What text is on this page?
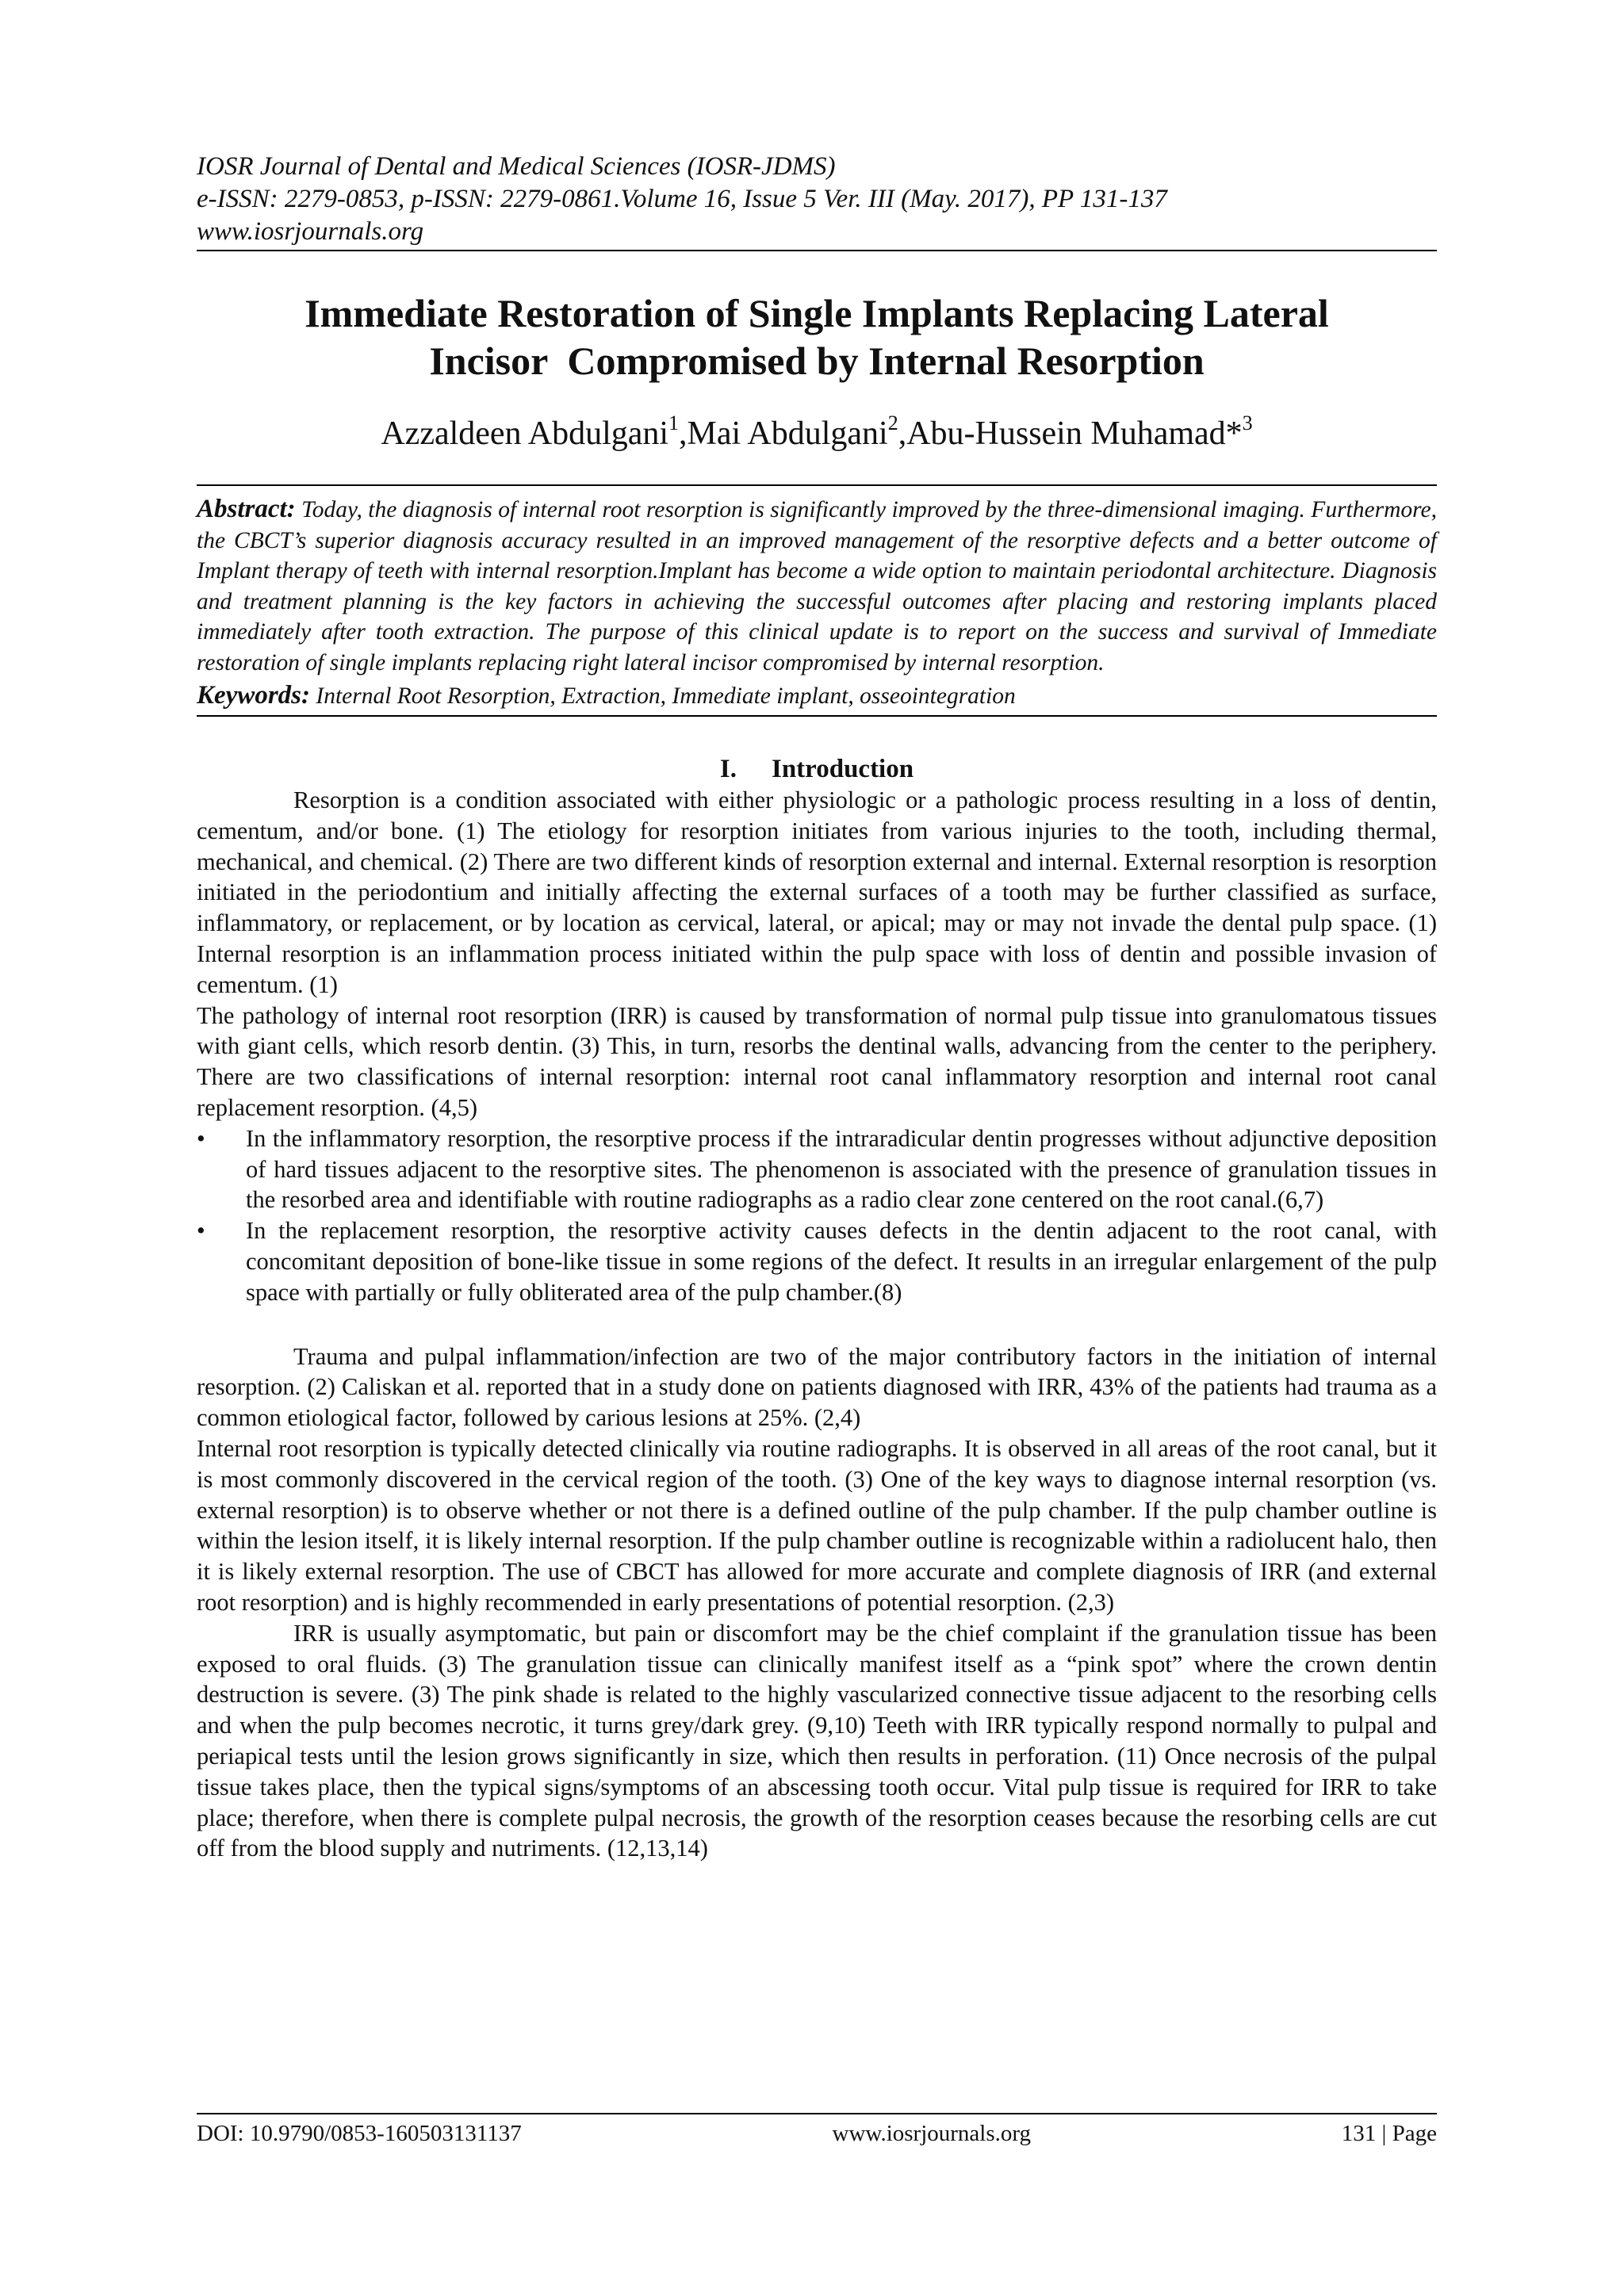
IOSR Journal of Dental and Medical Sciences (IOSR-JDMS)
e-ISSN: 2279-0853, p-ISSN: 2279-0861.Volume 16, Issue 5 Ver. III (May. 2017), PP 131-137
www.iosrjournals.org
Immediate Restoration of Single Implants Replacing Lateral
Incisor  Compromised by Internal Resorption
Azzaldeen Abdulgani$^1$,Mai Abdulgani$^2$,Abu-Hussein Muhamad*$^3$
Abstract: Today, the diagnosis of internal root resorption is significantly improved by the three-dimensional imaging. Furthermore, the CBCT’s superior diagnosis accuracy resulted in an improved management of the resorptive defects and a better outcome of Implant therapy of teeth with internal resorption.Implant has become a wide option to maintain periodontal architecture. Diagnosis and treatment planning is the key factors in achieving the successful outcomes after placing and restoring implants placed immediately after tooth extraction. The purpose of this clinical update is to report on the success and survival of Immediate restoration of single implants replacing right lateral incisor compromised by internal resorption.
Keywords: Internal Root Resorption, Extraction, Immediate implant, osseointegration
I. Introduction

Resorption is a condition associated with either physiologic or a pathologic process resulting in a loss of dentin, cementum, and/or bone. (1) The etiology for resorption initiates from various injuries to the tooth, including thermal, mechanical, and chemical. (2) There are two different kinds of resorption external and internal. External resorption is resorption initiated in the periodontium and initially affecting the external surfaces of a tooth may be further classified as surface, inflammatory, or replacement, or by location as cervical, lateral, or apical; may or may not invade the dental pulp space. (1) Internal resorption is an inflammation process initiated within the pulp space with loss of dentin and possible invasion of cementum. (1)

The pathology of internal root resorption (IRR) is caused by transformation of normal pulp tissue into granulomatous tissues with giant cells, which resorb dentin. (3) This, in turn, resorbs the dentinal walls, advancing from the center to the periphery. There are two classifications of internal resorption: internal root canal inflammatory resorption and internal root canal replacement resorption. (4,5)

• In the inflammatory resorption, the resorptive process if the intraradicular dentin progresses without adjunctive deposition of hard tissues adjacent to the resorptive sites. The phenomenon is associated with the presence of granulation tissues in the resorbed area and identifiable with routine radiographs as a radio clear zone centered on the root canal.(6,7)
• In the replacement resorption, the resorptive activity causes defects in the dentin adjacent to the root canal, with concomitant deposition of bone-like tissue in some regions of the defect. It results in an irregular enlargement of the pulp space with partially or fully obliterated area of the pulp chamber.(8)

Trauma and pulpal inflammation/infection are two of the major contributory factors in the initiation of internal resorption. (2) Caliskan et al. reported that in a study done on patients diagnosed with IRR, 43% of the patients had trauma as a common etiological factor, followed by carious lesions at 25%. (2,4)

Internal root resorption is typically detected clinically via routine radiographs. It is observed in all areas of the root canal, but it is most commonly discovered in the cervical region of the tooth. (3) One of the key ways to diagnose internal resorption (vs. external resorption) is to observe whether or not there is a defined outline of the pulp chamber. If the pulp chamber outline is within the lesion itself, it is likely internal resorption. If the pulp chamber outline is recognizable within a radiolucent halo, then it is likely external resorption. The use of CBCT has allowed for more accurate and complete diagnosis of IRR (and external root resorption) and is highly recommended in early presentations of potential resorption. (2,3)

IRR is usually asymptomatic, but pain or discomfort may be the chief complaint if the granulation tissue has been exposed to oral fluids. (3) The granulation tissue can clinically manifest itself as a “pink spot” where the crown dentin destruction is severe. (3) The pink shade is related to the highly vascularized connective tissue adjacent to the resorbing cells and when the pulp becomes necrotic, it turns grey/dark grey. (9,10) Teeth with IRR typically respond normally to pulpal and periapical tests until the lesion grows significantly in size, which then results in perforation. (11) Once necrosis of the pulpal tissue takes place, then the typical signs/symptoms of an abscessing tooth occur. Vital pulp tissue is required for IRR to take place; therefore, when there is complete pulpal necrosis, the growth of the resorption ceases because the resorbing cells are cut off from the blood supply and nutriments. (12,13,14)

DOI: 10.9790/0853-160503131137	www.iosrjournals.org	131 | Page
